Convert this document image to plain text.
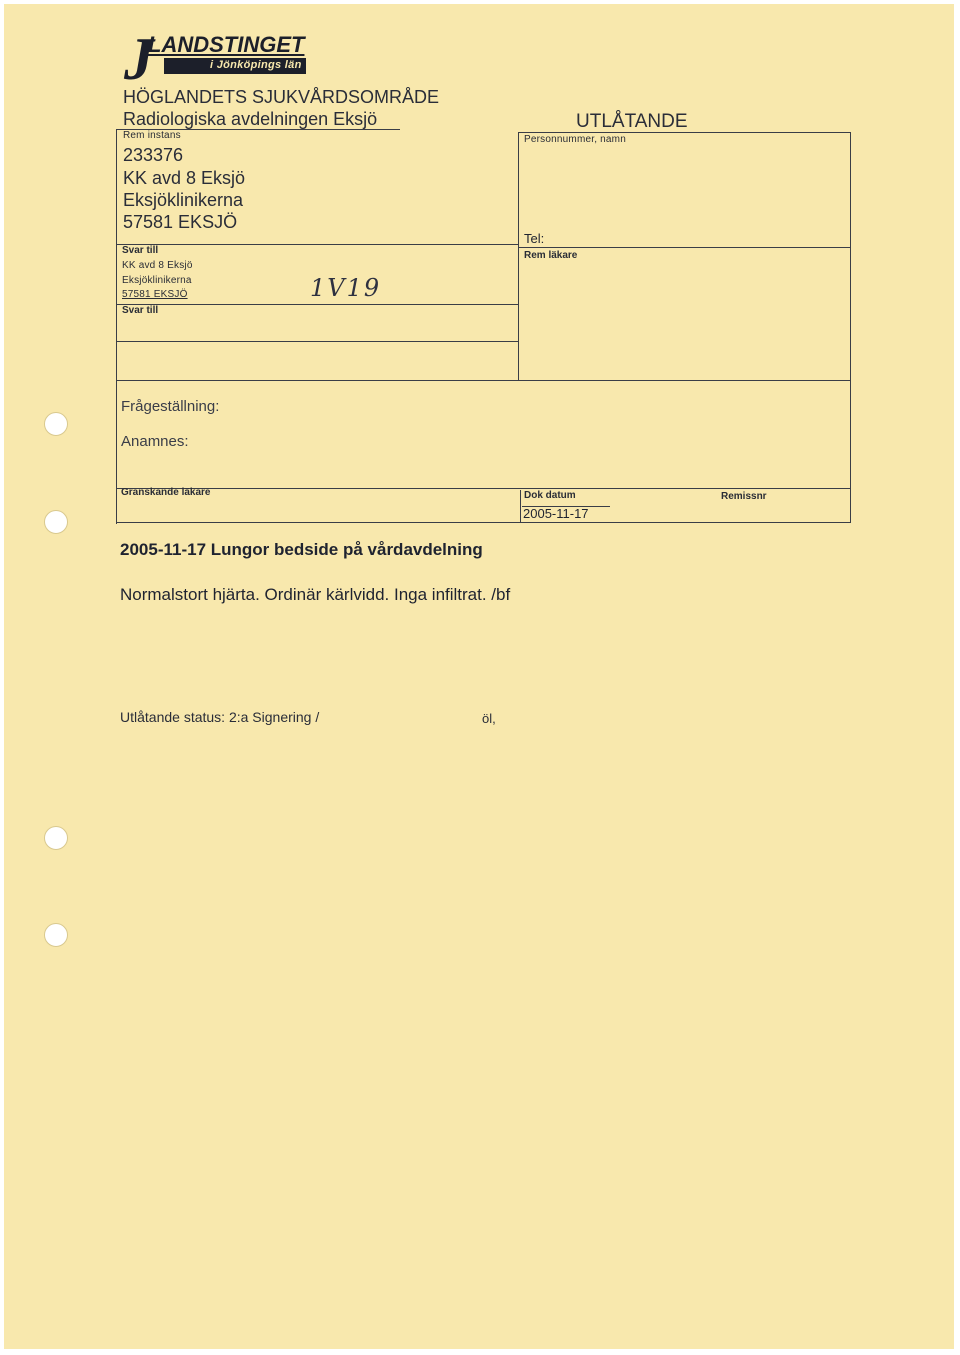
J
LANDSTINGET
i Jönköpings län
HÖGLANDETS SJUKVÅRDSOMRÅDE
Radiologiska avdelningen Eksjö	UTLÅTANDE
Rem instans
233376
KK avd 8 Eksjö
Eksjöklinikerna
57581 EKSJÖ
Svar till
KK avd 8 Eksjö
Eksjöklinikerna
57581 EKSJÖ
Svar till
1V19
Personnummer, namn
Tel:
Rem läkare
Frågeställning:
Anamnes:
Granskande läkare	Dok datum
2005-11-17
Remissnr
2005-11-17 Lungor bedside på vårdavdelning
Normalstort hjärta. Ordinär kärlvidd. Inga infiltrat. /bf
Utlåtande status: 2:a Signering /	öl,
